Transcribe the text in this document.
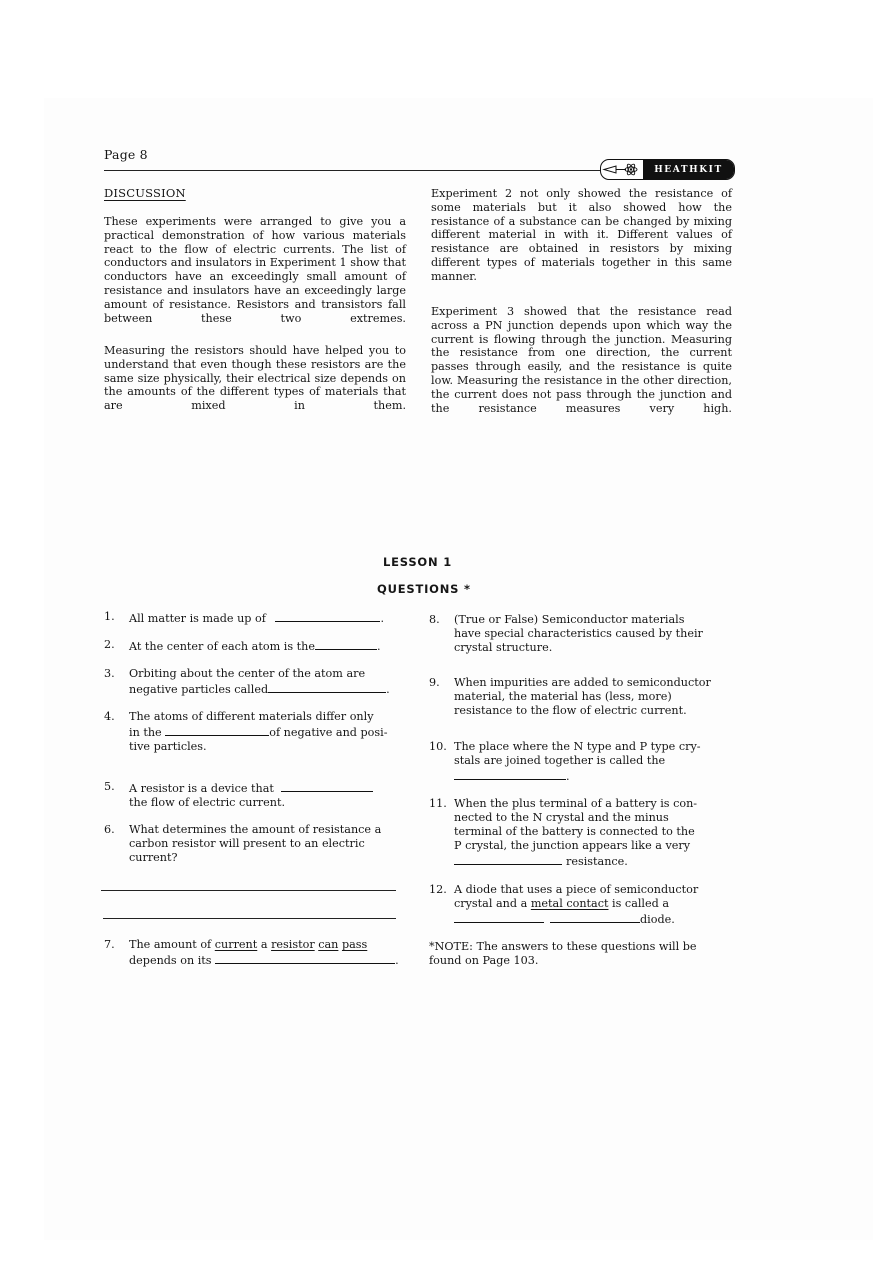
Page 8
HEATHKIT
DISCUSSION
These experiments were arranged to give you a practical demonstration of how various materials react to the flow of electric currents. The list of conductors and insulators in Experiment 1 show that conductors have an exceedingly small amount of resistance and insulators have an exceedingly large amount of resistance. Resistors and transistors fall between these two extremes.
Measuring the resistors should have helped you to understand that even though these resistors are the same size physically, their electrical size depends on the amounts of the different types of materials that are mixed in them.
Experiment 2 not only showed the resistance of some materials but it also showed how the resistance of a substance can be changed by mixing different material in with it. Different values of resistance are obtained in resistors by mixing different types of materials together in this same manner.
Experiment 3 showed that the resistance read across a PN junction depends upon which way the current is flowing through the junction. Measuring the resistance from one direction, the current passes through easily, and the resistance is quite low. Measuring the resistance in the other direction, the current does not pass through the junction and the resistance measures very high.
LESSON 1
QUESTIONS *
1. All matter is made up of	.
2. At the center of each atom is the	.
3. Orbiting about the center of the atom are
negative particles called	.
4. The atoms of different materials differ only
in the	of negative and posi-
tive particles.
5. A resistor is a device that
the flow of electric current.
6. What determines the amount of resistance a
carbon resistor will present to an electric
current?
7. The amount of current a resistor can pass
depends on its	.
8. (True or False) Semiconductor materials
have special characteristics caused by their
crystal structure.
9. When impurities are added to semiconductor
material, the material has (less, more)
resistance to the flow of electric current.
10. The place where the N type and P type cry-
stals are joined together is called the
.
11. When the plus terminal of a battery is con-
nected to the N crystal and the minus
terminal of the battery is connected to the
P crystal, the junction appears like a very
resistance.
12. A diode that uses a piece of semiconductor
crystal and a metal contact is called a
diode.
*NOTE: The answers to these questions will be
found on Page 103.
